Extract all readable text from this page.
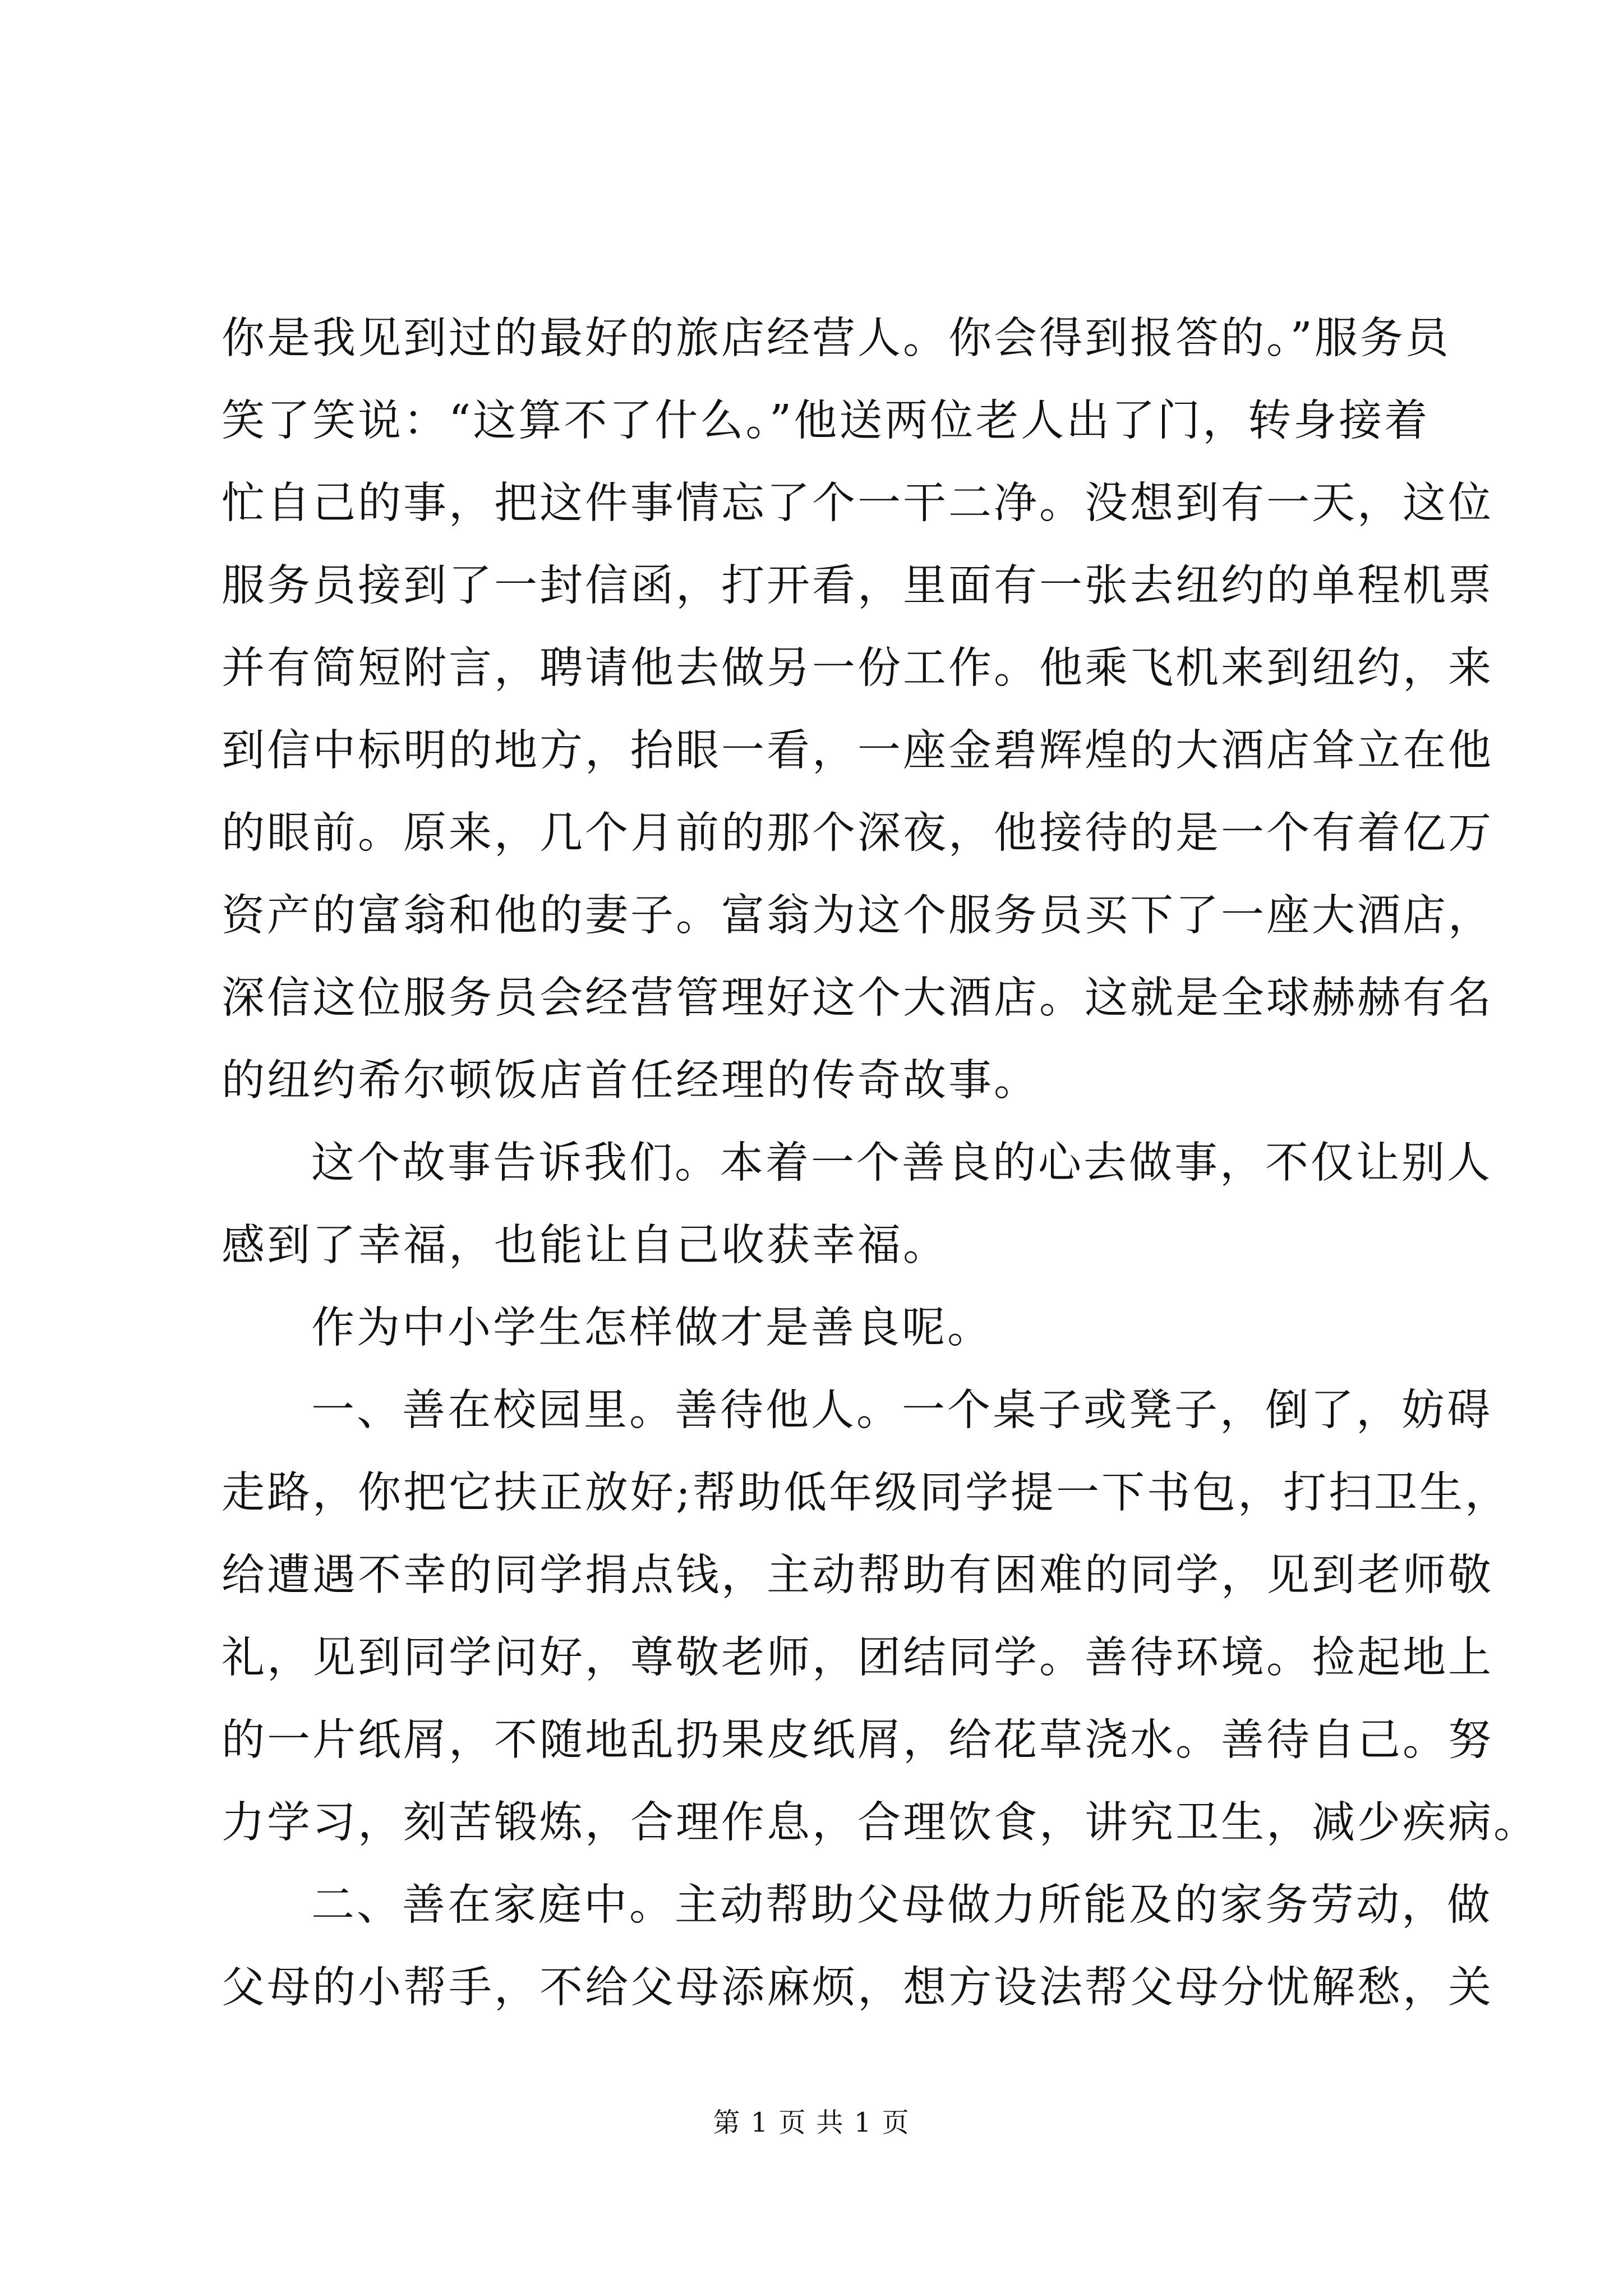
你是我见到过的最好的旅店经营人。你会得到报答的。”服务员
笑了笑说：“这算不了什么。”他送两位老人出了门，转身接着
忙自己的事，把这件事情忘了个一干二净。没想到有一天，这位
服务员接到了一封信函，打开看，里面有一张去纽约的单程机票
并有简短附言，聘请他去做另一份工作。他乘飞机来到纽约，来
到信中标明的地方，抬眼一看，一座金碧辉煌的大酒店耸立在他
的眼前。原来，几个月前的那个深夜，他接待的是一个有着亿万
资产的富翁和他的妻子。富翁为这个服务员买下了一座大酒店，
深信这位服务员会经营管理好这个大酒店。这就是全球赫赫有名
的纽约希尔顿饭店首任经理的传奇故事。
这个故事告诉我们。本着一个善良的心去做事，不仅让别人
感到了幸福，也能让自己收获幸福。
作为中小学生怎样做才是善良呢。
一、善在校园里。善待他人。一个桌子或凳子，倒了，妨碍
走路，你把它扶正放好;帮助低年级同学提一下书包，打扫卫生，
给遭遇不幸的同学捐点钱，主动帮助有困难的同学，见到老师敬
礼，见到同学问好，尊敬老师，团结同学。善待环境。捡起地上
的一片纸屑，不随地乱扔果皮纸屑，给花草浇水。善待自己。努
力学习，刻苦锻炼，合理作息，合理饮食，讲究卫生，减少疾病。
二、善在家庭中。主动帮助父母做力所能及的家务劳动，做
父母的小帮手，不给父母添麻烦，想方设法帮父母分忧解愁，关
第 1 页 共 1 页
